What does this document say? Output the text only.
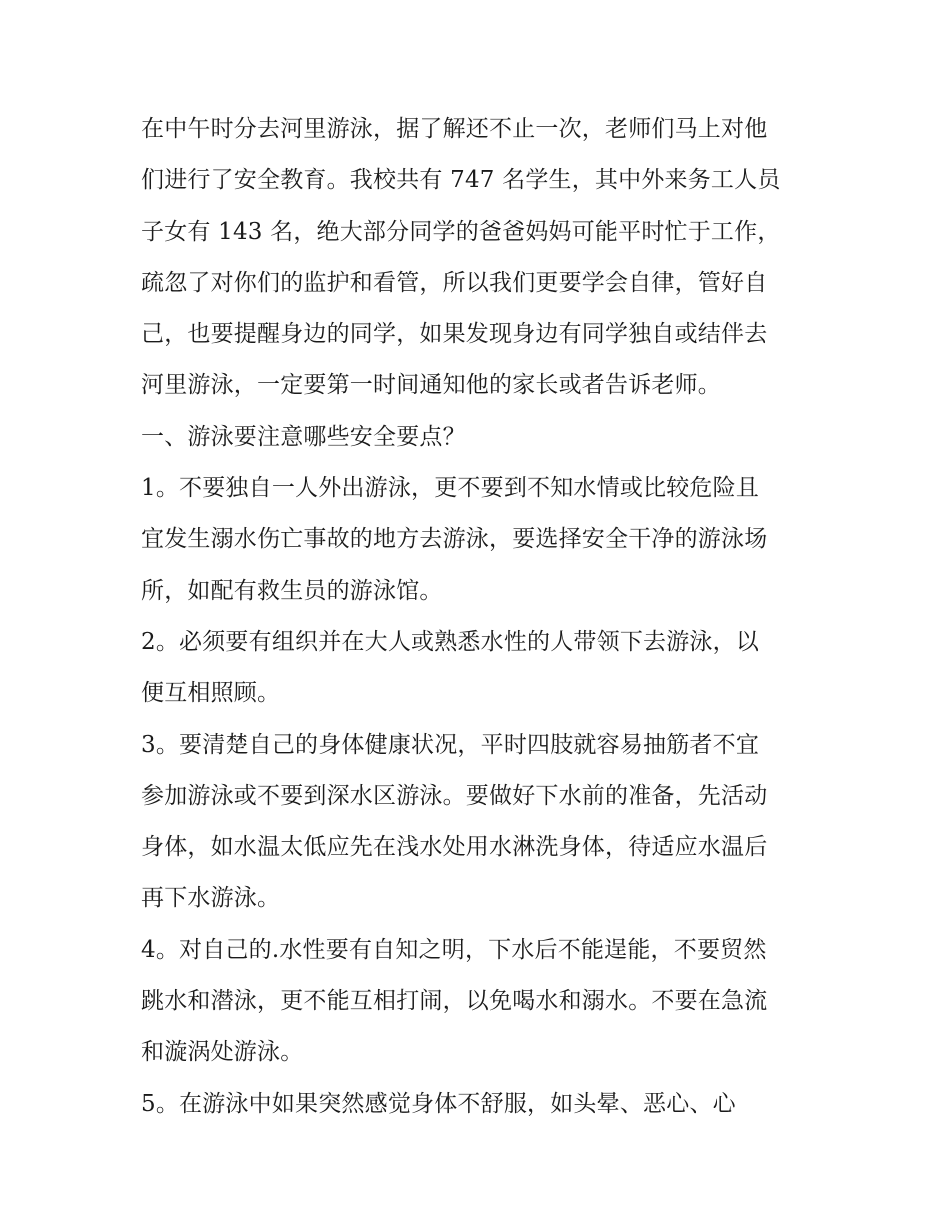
在中午时分去河里游泳，据了解还不止一次，老师们马上对他
们进行了安全教育。我校共有 747 名学生，其中外来务工人员
子女有 143 名，绝大部分同学的爸爸妈妈可能平时忙于工作，
疏忽了对你们的监护和看管，所以我们更要学会自律，管好自
己，也要提醒身边的同学，如果发现身边有同学独自或结伴去
河里游泳，一定要第一时间通知他的家长或者告诉老师。
一、游泳要注意哪些安全要点？
1。不要独自一人外出游泳，更不要到不知水情或比较危险且
宜发生溺水伤亡事故的地方去游泳，要选择安全干净的游泳场
所，如配有救生员的游泳馆。
2。必须要有组织并在大人或熟悉水性的人带领下去游泳，以
便互相照顾。
3。要清楚自己的身体健康状况，平时四肢就容易抽筋者不宜
参加游泳或不要到深水区游泳。要做好下水前的准备，先活动
身体，如水温太低应先在浅水处用水淋洗身体，待适应水温后
再下水游泳。
4。对自己的.水性要有自知之明，下水后不能逞能，不要贸然
跳水和潜泳，更不能互相打闹，以免喝水和溺水。不要在急流
和漩涡处游泳。
5。在游泳中如果突然感觉身体不舒服，如头晕、恶心、心
